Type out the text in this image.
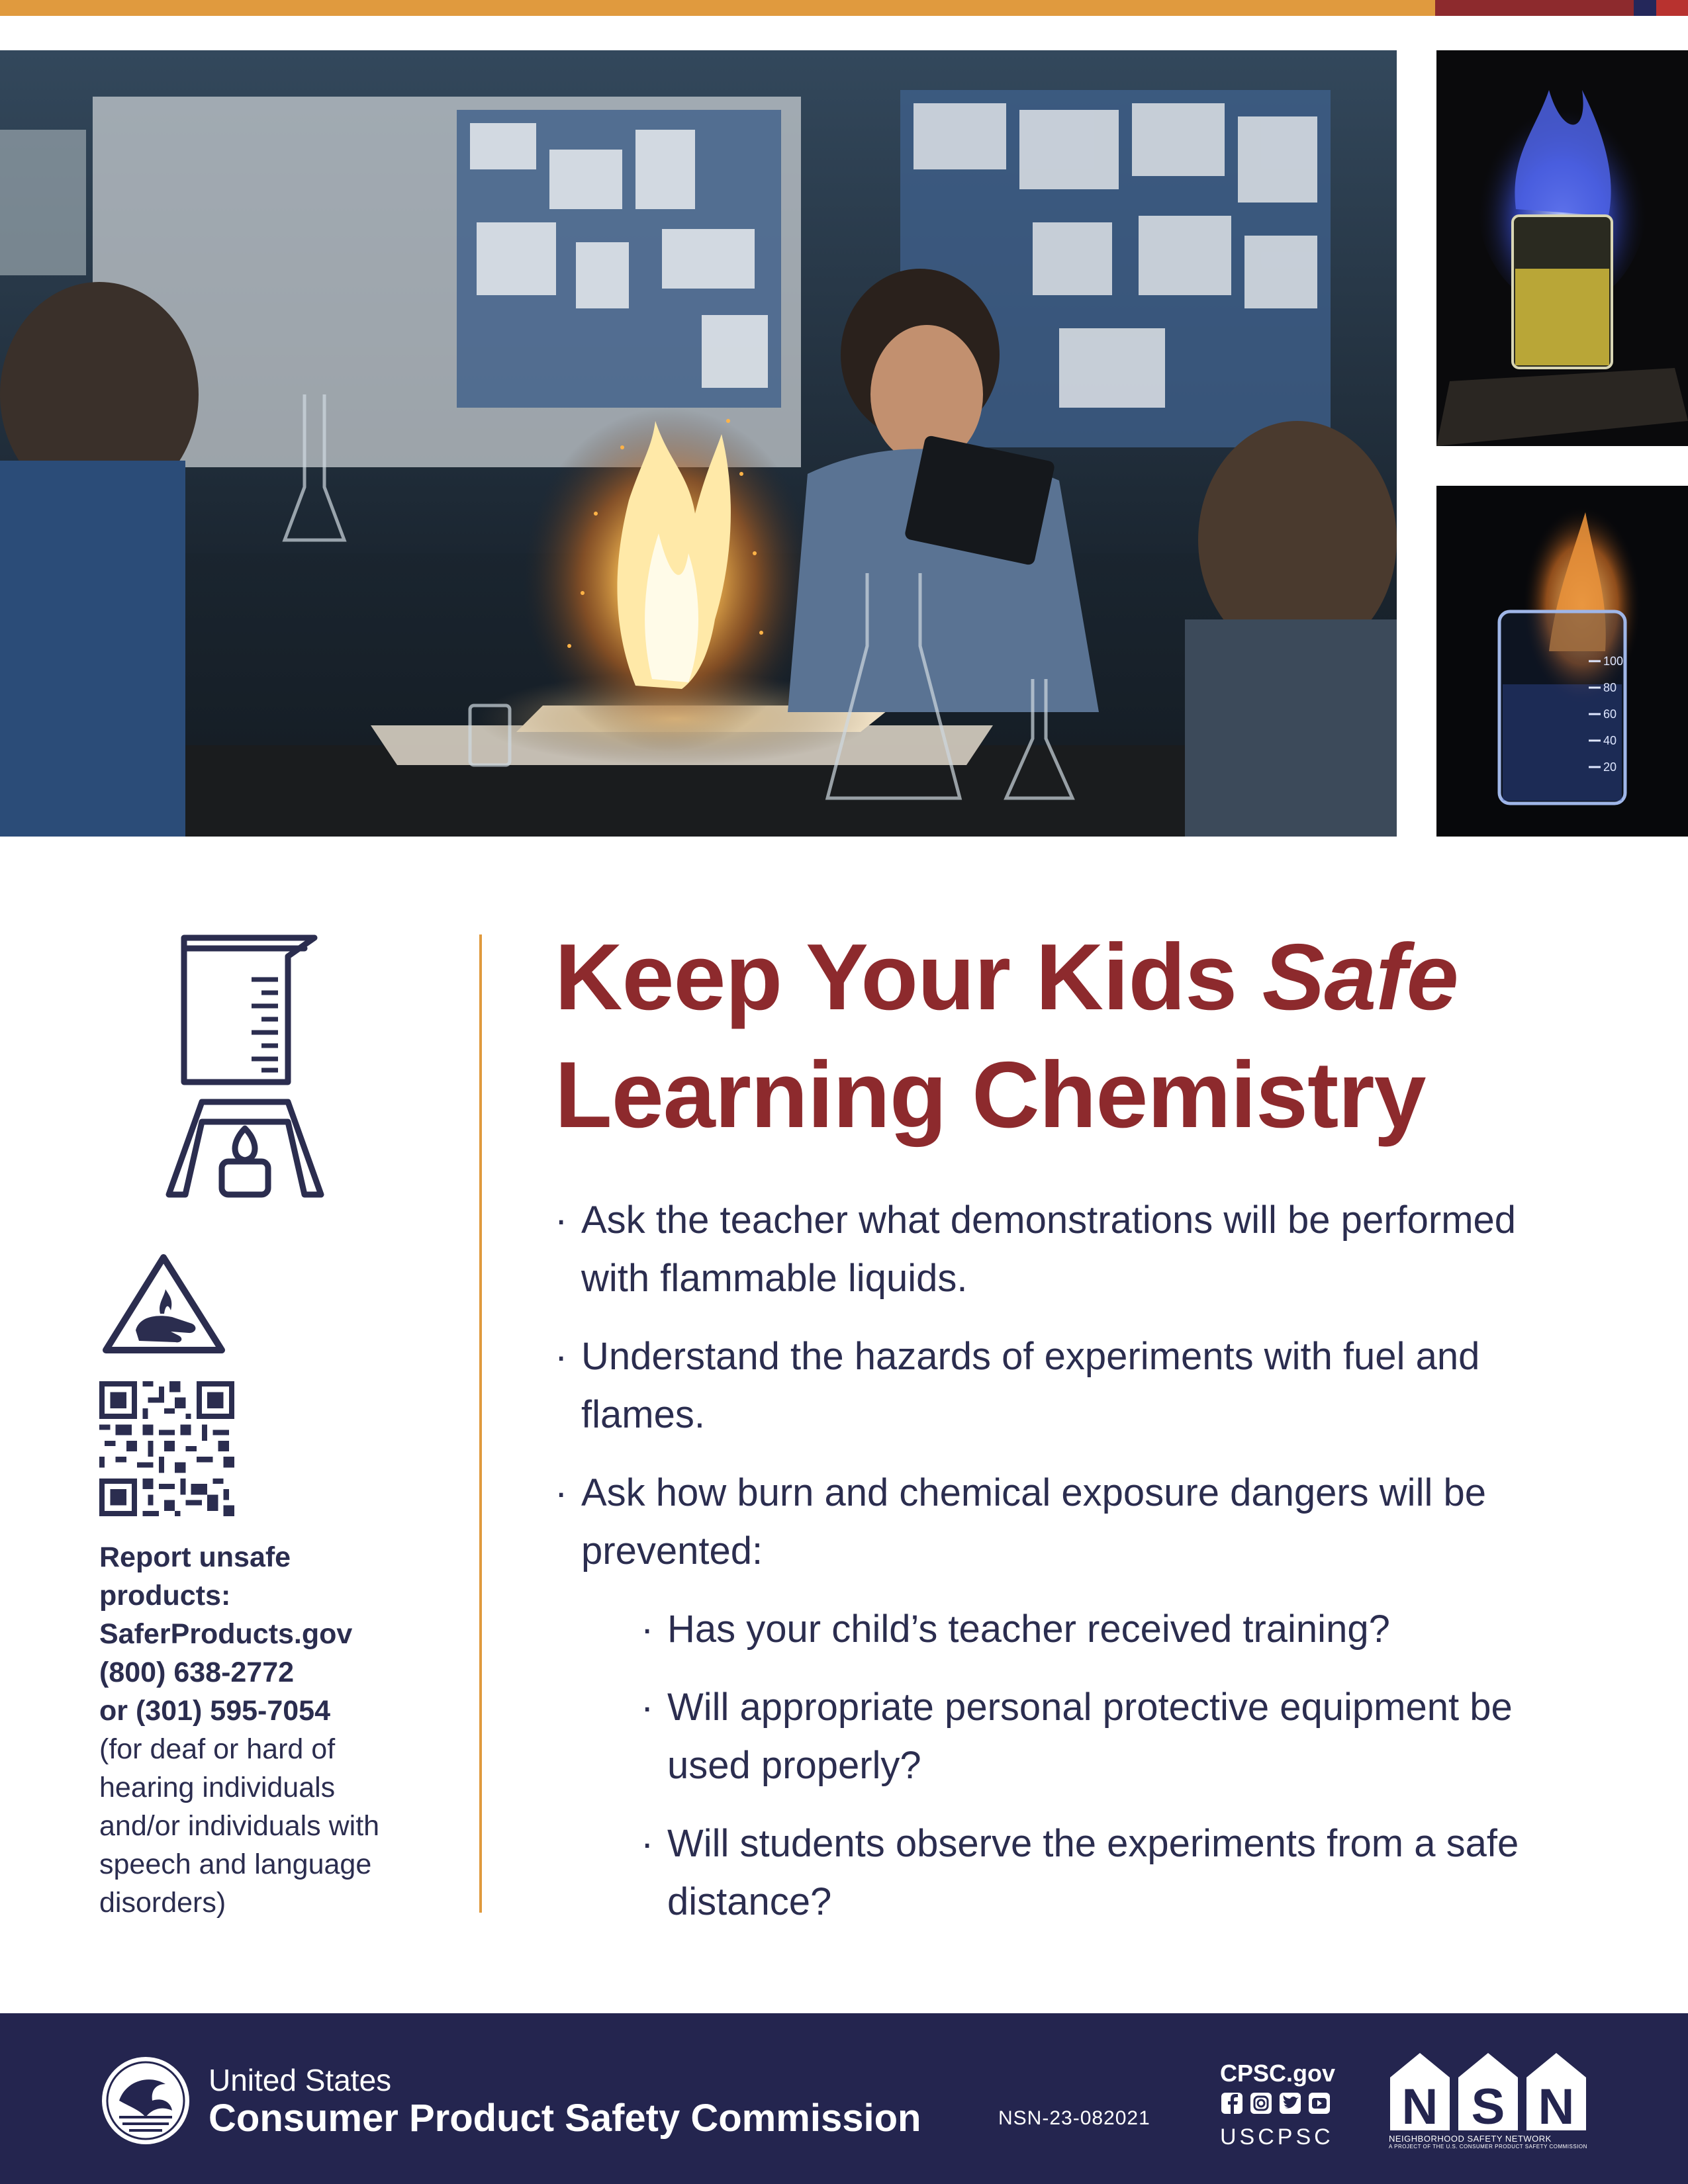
100
80
60
40
20
Report unsafe
products:
SaferProducts.gov
(800) 638-2772
or (301) 595-7054
(for deaf or hard of
hearing individuals
and/or individuals with
speech and language
disorders)
Keep Your Kids Safe
Learning Chemistry
· Ask the teacher what demonstrations will be performed with flammable liquids.
· Understand the hazards of experiments with fuel and flames.
· Ask how burn and chemical exposure dangers will be prevented:
· Has your child’s teacher received training?
· Will appropriate personal protective equipment be used properly?
· Will students observe the experiments from a safe distance?
United States
Consumer Product Safety Commission	NSN-23-082021
CPSC.gov
USCPSC
N S N
NEIGHBORHOOD SAFETY NETWORK
A PROJECT OF THE U.S. CONSUMER PRODUCT SAFETY COMMISSION
